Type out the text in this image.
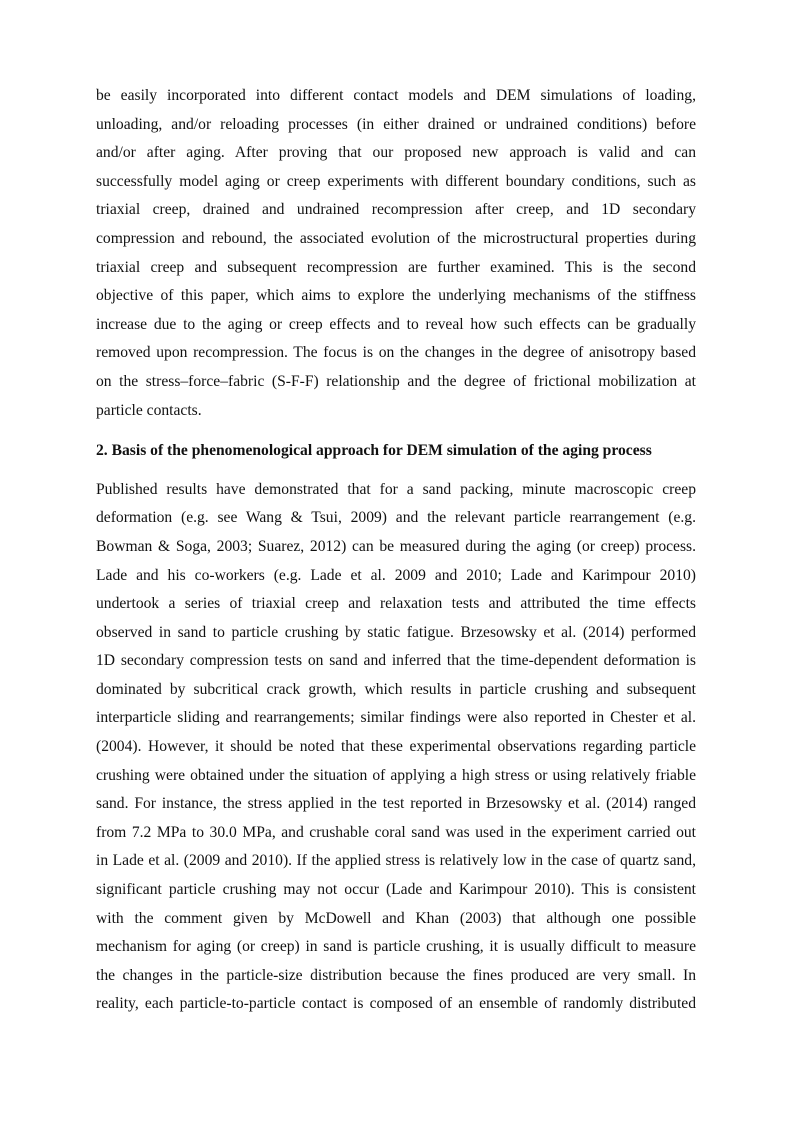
be easily incorporated into different contact models and DEM simulations of loading,
unloading, and/or reloading processes (in either drained or undrained conditions) before
and/or after aging. After proving that our proposed new approach is valid and can
successfully model aging or creep experiments with different boundary conditions, such as
triaxial creep, drained and undrained recompression after creep, and 1D secondary
compression and rebound, the associated evolution of the microstructural properties during
triaxial creep and subsequent recompression are further examined. This is the second
objective of this paper, which aims to explore the underlying mechanisms of the stiffness
increase due to the aging or creep effects and to reveal how such effects can be gradually
removed upon recompression. The focus is on the changes in the degree of anisotropy based
on the stress–force–fabric (S-F-F) relationship and the degree of frictional mobilization at
particle contacts.
2. Basis of the phenomenological approach for DEM simulation of the aging process
Published results have demonstrated that for a sand packing, minute macroscopic creep
deformation (e.g. see Wang & Tsui, 2009) and the relevant particle rearrangement (e.g.
Bowman & Soga, 2003; Suarez, 2012) can be measured during the aging (or creep) process.
Lade and his co-workers (e.g. Lade et al. 2009 and 2010; Lade and Karimpour 2010)
undertook a series of triaxial creep and relaxation tests and attributed the time effects
observed in sand to particle crushing by static fatigue. Brzesowsky et al. (2014) performed
1D secondary compression tests on sand and inferred that the time-dependent deformation is
dominated by subcritical crack growth, which results in particle crushing and subsequent
interparticle sliding and rearrangements; similar findings were also reported in Chester et al.
(2004). However, it should be noted that these experimental observations regarding particle
crushing were obtained under the situation of applying a high stress or using relatively friable
sand. For instance, the stress applied in the test reported in Brzesowsky et al. (2014) ranged
from 7.2 MPa to 30.0 MPa, and crushable coral sand was used in the experiment carried out
in Lade et al. (2009 and 2010). If the applied stress is relatively low in the case of quartz sand,
significant particle crushing may not occur (Lade and Karimpour 2010). This is consistent
with the comment given by McDowell and Khan (2003) that although one possible
mechanism for aging (or creep) in sand is particle crushing, it is usually difficult to measure
the changes in the particle-size distribution because the fines produced are very small. In
reality, each particle-to-particle contact is composed of an ensemble of randomly distributed
